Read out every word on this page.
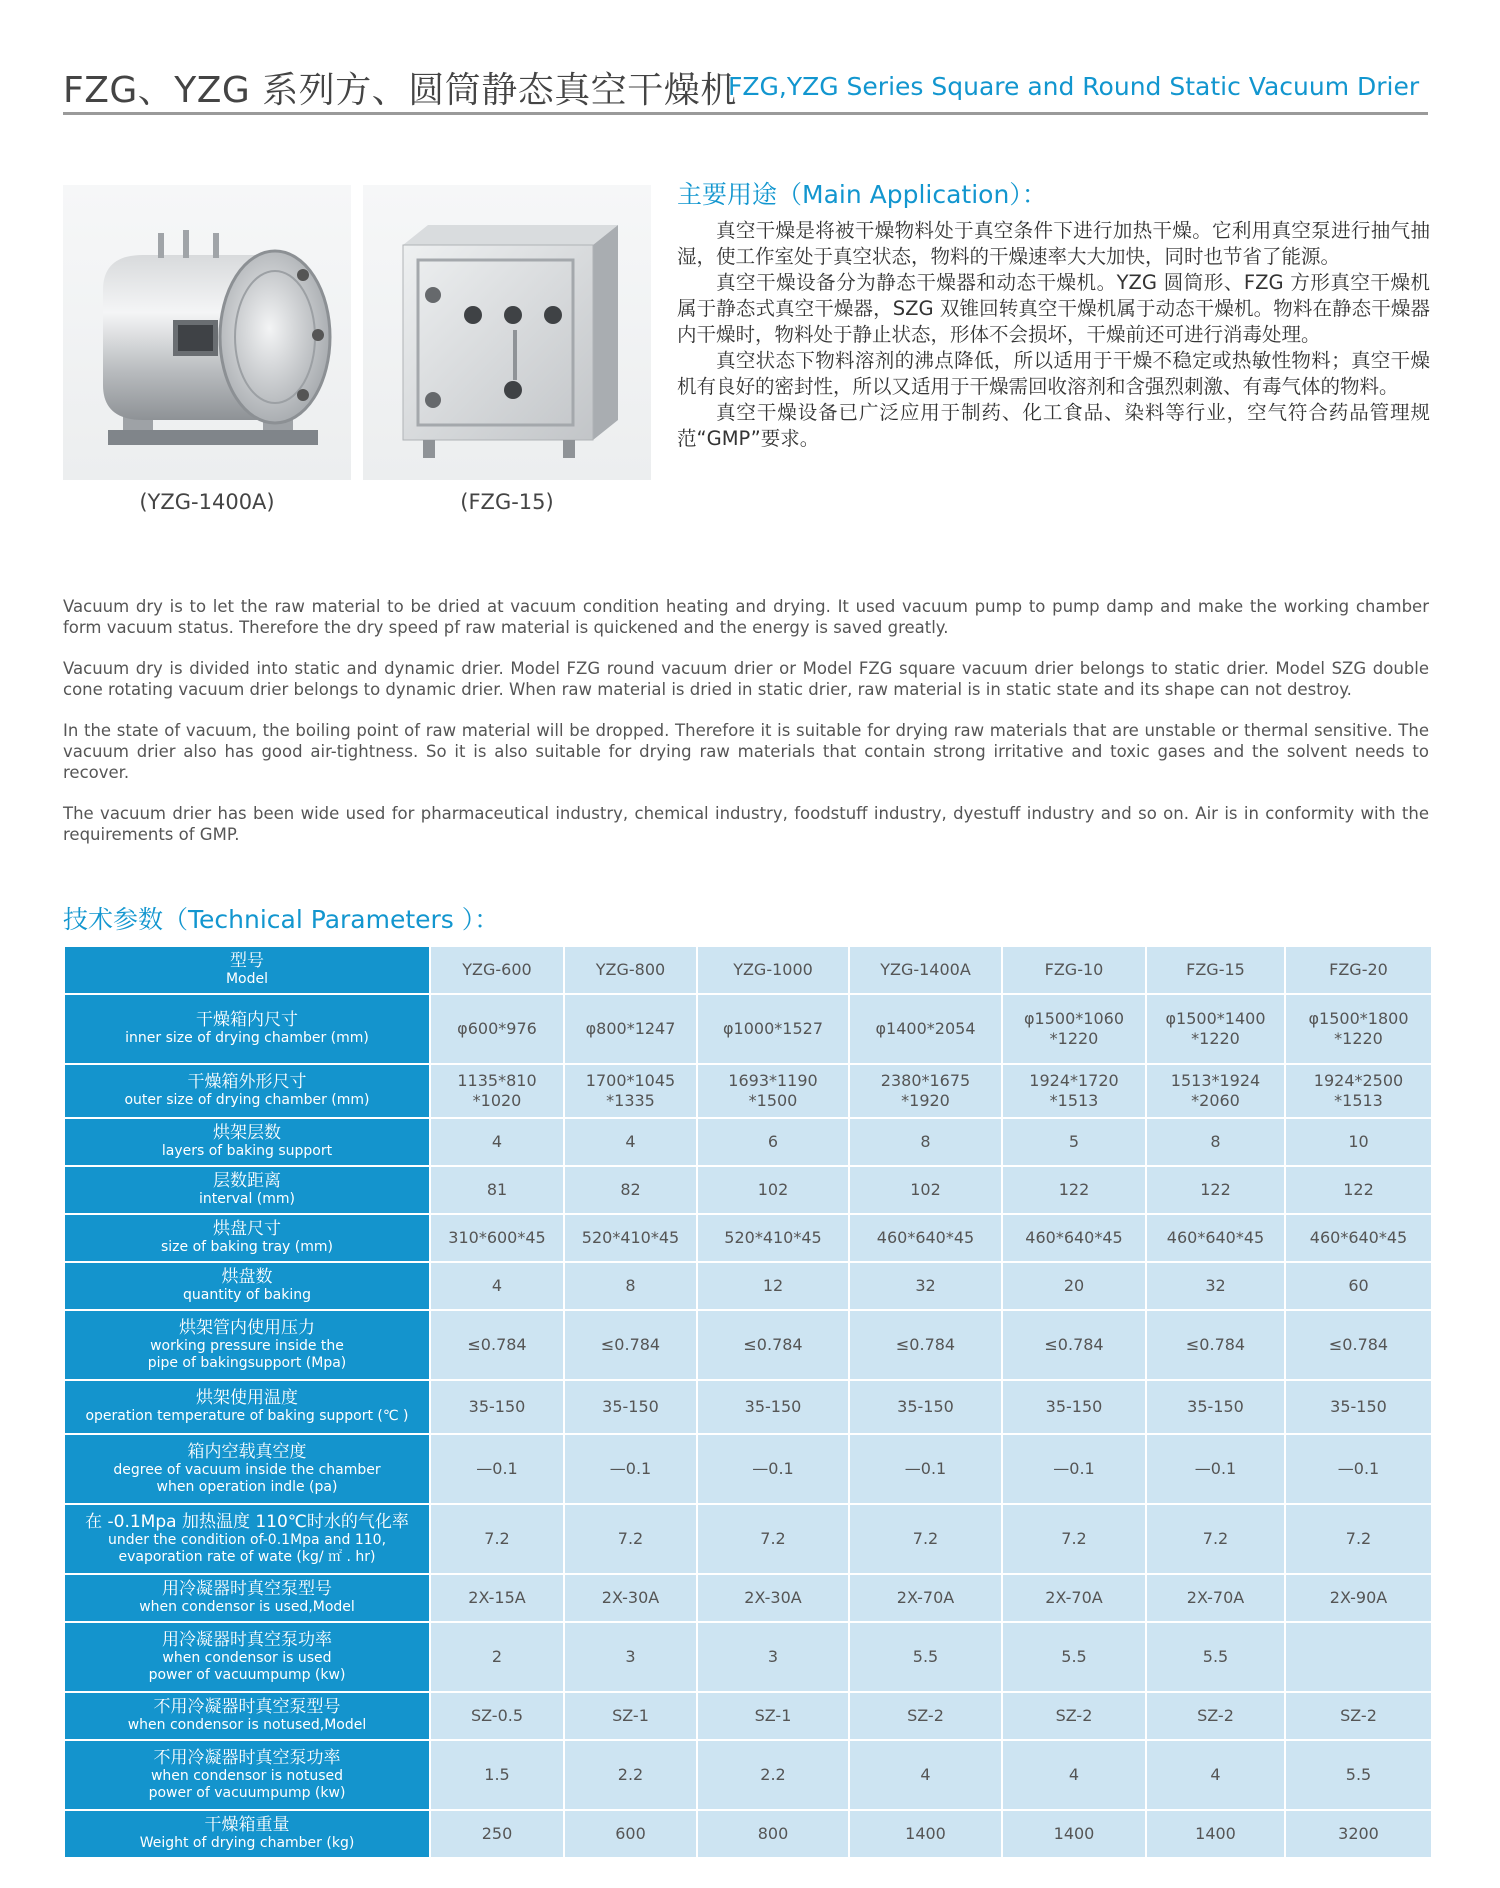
FZG、YZG 系列方、圆筒静态真空干燥机
FZG,YZG Series Square and Round Static Vacuum Drier
(YZG-1400A)	(FZG-15)
主要用途（Main Application）：

真空干燥是将被干燥物料处于真空条件下进行加热干燥。它利用真空泵进行抽气抽湿，使工作室处于真空状态，物料的干燥速率大大加快，同时也节省了能源。

真空干燥设备分为静态干燥器和动态干燥机。YZG 圆筒形、FZG 方形真空干燥机属于静态式真空干燥器，SZG 双锥回转真空干燥机属于动态干燥机。物料在静态干燥器内干燥时，物料处于静止状态，形体不会损坏，干燥前还可进行消毒处理。

真空状态下物料溶剂的沸点降低，所以适用于干燥不稳定或热敏性物料；真空干燥机有良好的密封性，所以又适用于干燥需回收溶剂和含强烈刺激、有毒气体的物料。

真空干燥设备已广泛应用于制药、化工食品、染料等行业，空气符合药品管理规范“GMP”要求。

Vacuum dry is to let the raw material to be dried at vacuum condition heating and drying. It used vacuum pump to pump damp and make the working chamber form vacuum status. Therefore the dry speed pf raw material is quickened and the energy is saved greatly.

Vacuum dry is divided into static and dynamic drier. Model FZG round vacuum drier or Model FZG square vacuum drier belongs to static drier. Model SZG double cone rotating vacuum drier belongs to dynamic drier. When raw material is dried in static drier, raw material is in static state and its shape can not destroy.

In the state of vacuum, the boiling point of raw material will be dropped. Therefore it is suitable for drying raw materials that are unstable or thermal sensitive. The vacuum drier also has good air-tightness. So it is also suitable for drying raw materials that contain strong irritative and toxic gases and the solvent needs to recover.

The vacuum drier has been wide used for pharmaceutical industry, chemical industry, foodstuff industry, dyestuff industry and so on. Air is in conformity with the requirements of GMP.

技术参数（Technical Parameters ）：
型号
Model	YZG-600	YZG-800	YZG-1000	YZG-1400A	FZG-10	FZG-15	FZG-20

干燥箱内尺寸
inner size of drying chamber (mm)	φ600*976	φ800*1247	φ1000*1527	φ1400*2054	φ1500*1060 *1220	φ1500*1400 *1220	φ1500*1800 *1220

干燥箱外形尺寸
outer size of drying chamber (mm)	1135*810 *1020	1700*1045 *1335	1693*1190 *1500	2380*1675 *1920	1924*1720 *1513	1513*1924 *2060	1924*2500 *1513

烘架层数
layers of baking support	4	4	6	8	5	8	10

层数距离
interval (mm)	81	82	102	102	122	122	122

烘盘尺寸
size of baking tray (mm)	310*600*45	520*410*45	520*410*45	460*640*45	460*640*45	460*640*45	460*640*45

烘盘数
quantity of baking	4	8	12	32	20	32	60

烘架管内使用压力
working pressure inside the
pipe of bakingsupport (Mpa)	≤0.784	≤0.784	≤0.784	≤0.784	≤0.784	≤0.784	≤0.784

烘架使用温度
operation temperature of baking support (℃ )	35-150	35-150	35-150	35-150	35-150	35-150	35-150

箱内空载真空度
degree of vacuum inside the chamber
when operation indle (pa)	—0.1	—0.1	—0.1	—0.1	—0.1	—0.1	—0.1

在 -0.1Mpa 加热温度 110℃时水的气化率
under the condition of-0.1Mpa and 110,
evaporation rate of wate (kg/ ㎡ . hr)	7.2	7.2	7.2	7.2	7.2	7.2	7.2

用冷凝器时真空泵型号
when condensor is used,Model	2X-15A	2X-30A	2X-30A	2X-70A	2X-70A	2X-70A	2X-90A

用冷凝器时真空泵功率
when condensor is used
power of vacuumpump (kw)	2	3	3	5.5	5.5	5.5	

不用冷凝器时真空泵型号
when condensor is notused,Model	SZ-0.5	SZ-1	SZ-1	SZ-2	SZ-2	SZ-2	SZ-2

不用冷凝器时真空泵功率
when condensor is notused
power of vacuumpump (kw)	1.5	2.2	2.2	4	4	4	5.5

干燥箱重量
Weight of drying chamber (kg)	250	600	800	1400	1400	1400	3200
